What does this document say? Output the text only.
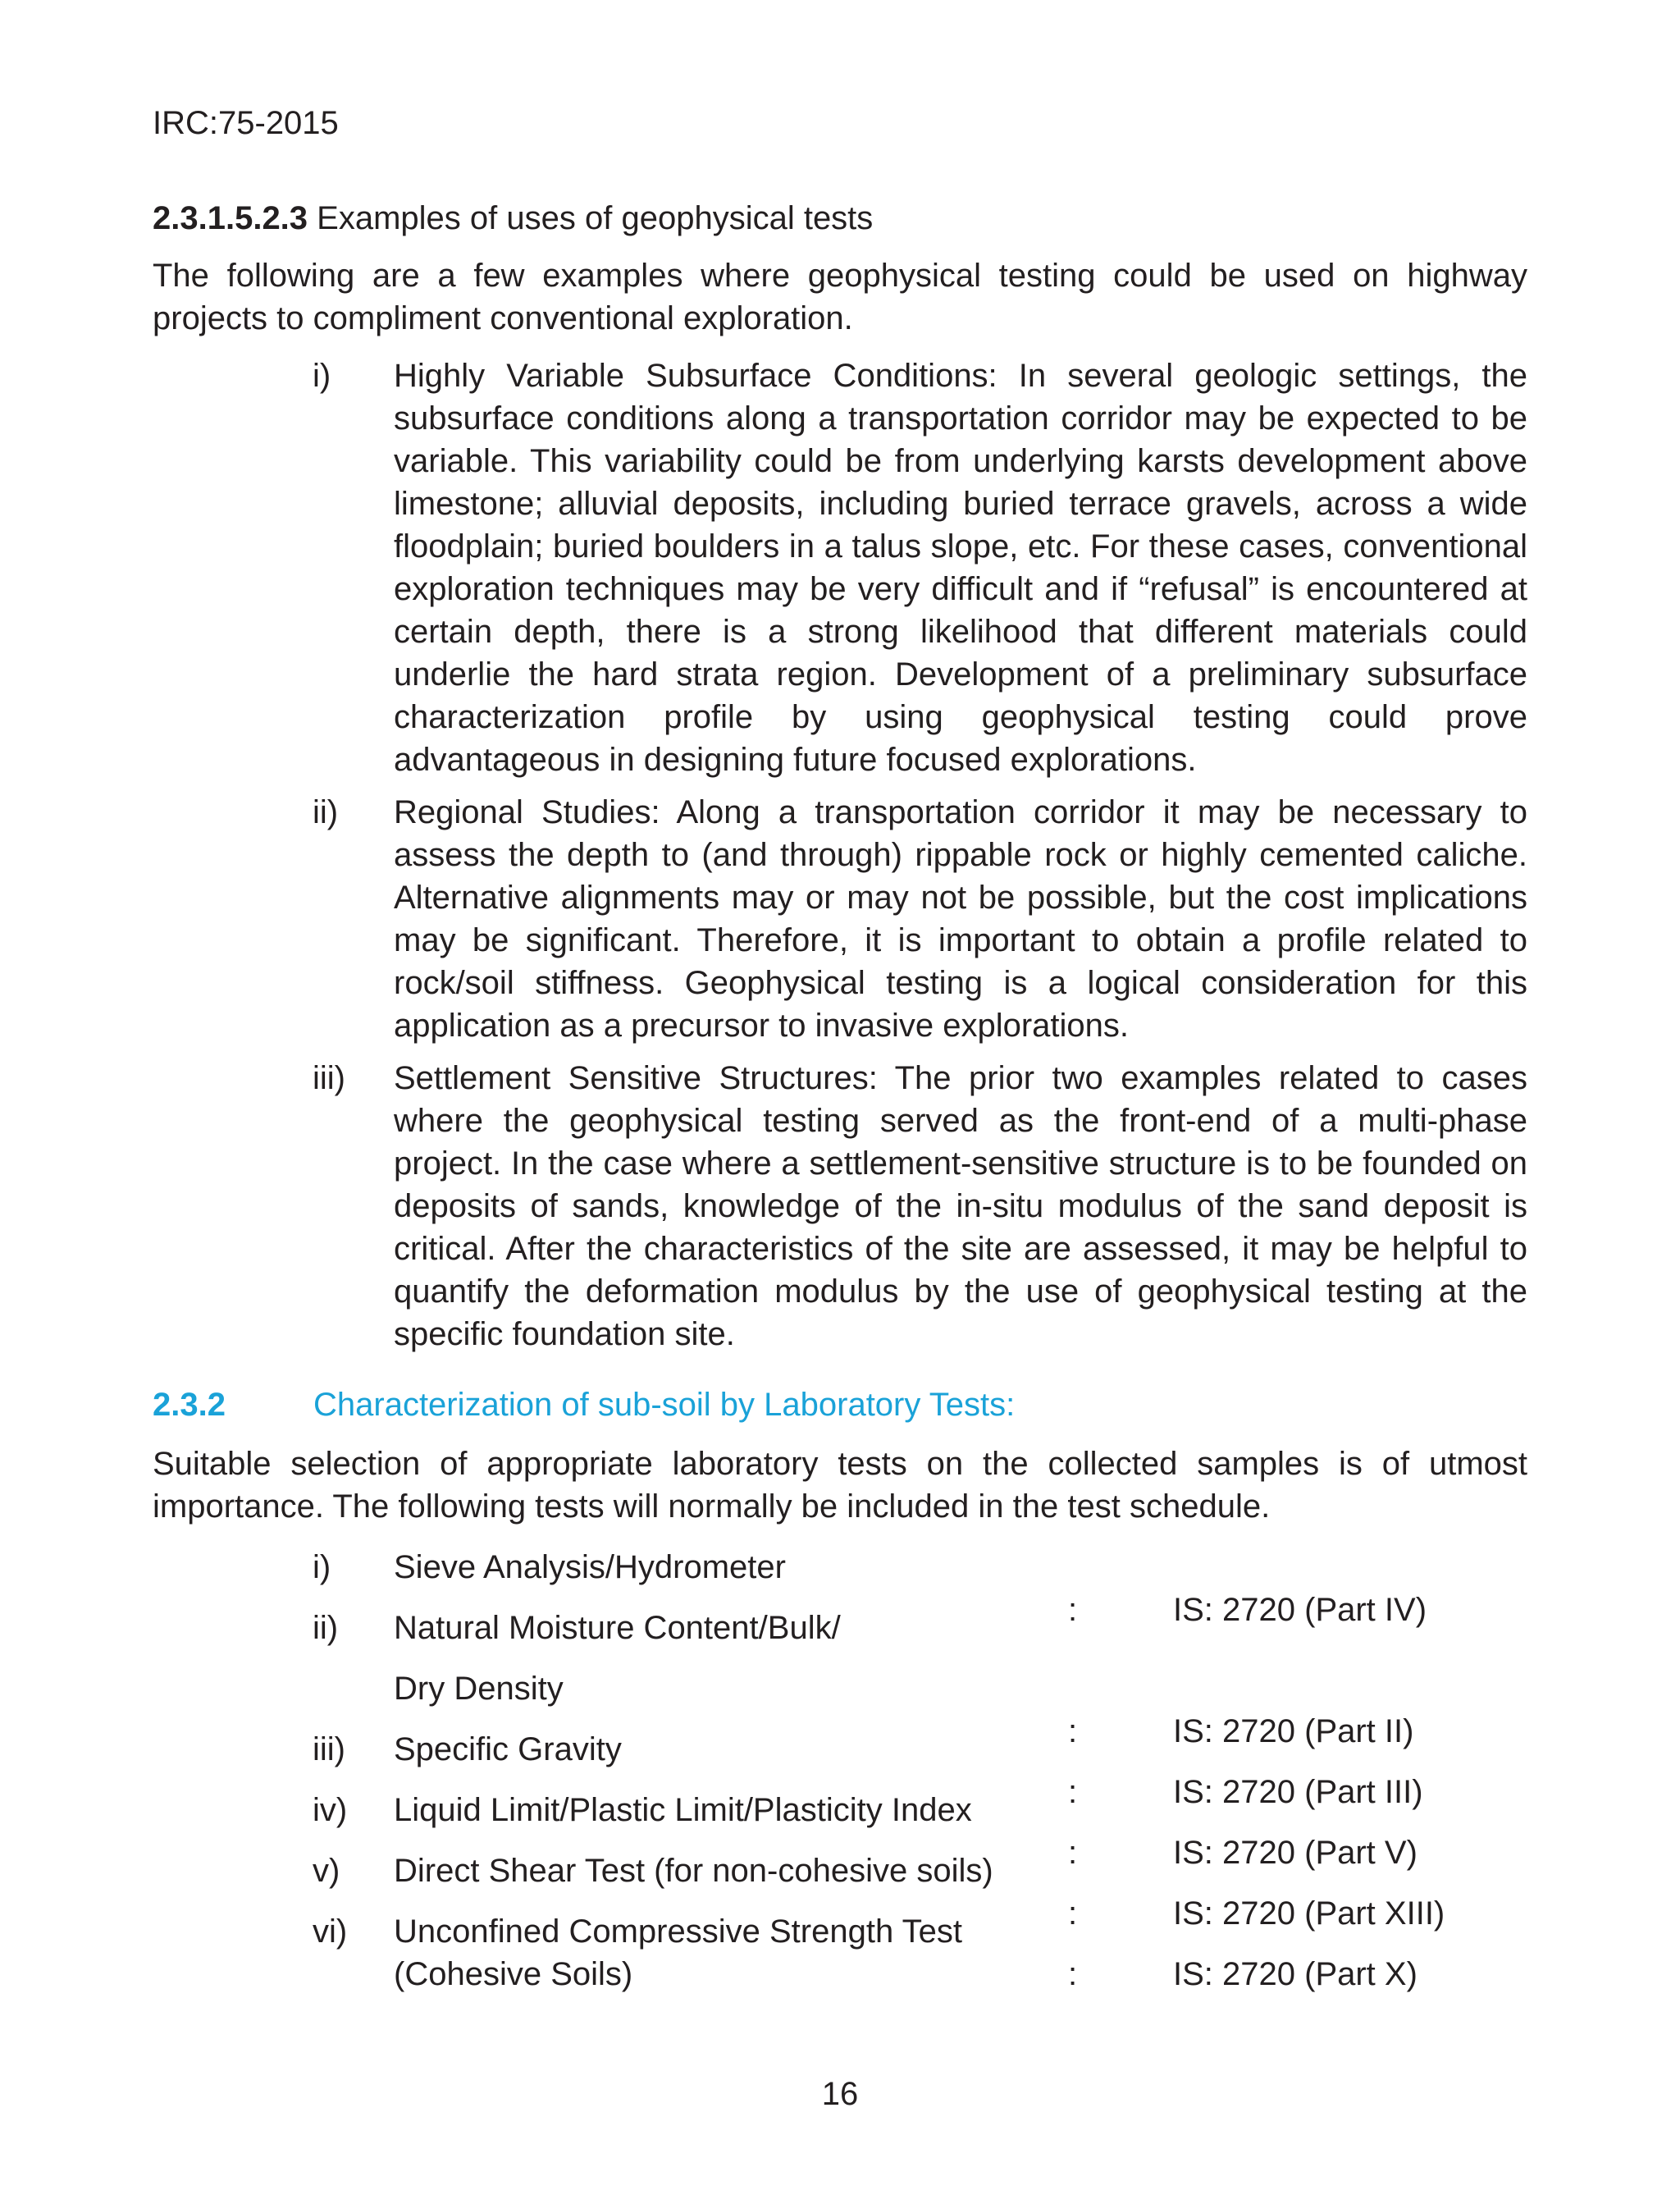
IRC:75-2015
2.3.1.5.2.3 Examples of uses of geophysical tests
The following are a few examples where geophysical testing could be used on highway projects to compliment conventional exploration.
i) Highly Variable Subsurface Conditions: In several geologic settings, the subsurface conditions along a transportation corridor may be expected to be variable. This variability could be from underlying karsts development above limestone; alluvial deposits, including buried terrace gravels, across a wide floodplain; buried boulders in a talus slope, etc. For these cases, conventional exploration techniques may be very difficult and if “refusal” is encountered at certain depth, there is a strong likelihood that different materials could underlie the hard strata region. Development of a preliminary subsurface characterization profile by using geophysical testing could prove advantageous in designing future focused explorations.
ii) Regional Studies: Along a transportation corridor it may be necessary to assess the depth to (and through) rippable rock or highly cemented caliche. Alternative alignments may or may not be possible, but the cost implications may be significant. Therefore, it is important to obtain a profile related to rock/soil stiffness. Geophysical testing is a logical consideration for this application as a precursor to invasive explorations.
iii) Settlement Sensitive Structures: The prior two examples related to cases where the geophysical testing served as the front-end of a multi-phase project. In the case where a settlement-sensitive structure is to be founded on deposits of sands, knowledge of the in-situ modulus of the sand deposit is critical. After the characteristics of the site are assessed, it may be helpful to quantify the deformation modulus by the use of geophysical testing at the specific foundation site.
2.3.2	Characterization of sub-soil by Laboratory Tests:
Suitable selection of appropriate laboratory tests on the collected samples is of utmost importance. The following tests will normally be included in the test schedule.
i) Sieve Analysis/Hydrometer
:	IS: 2720 (Part IV)
ii) Natural Moisture Content/Bulk/
Dry Density
:	IS: 2720 (Part II)
iii) Specific Gravity
:	IS: 2720 (Part III)
iv) Liquid Limit/Plastic Limit/Plasticity Index
:	IS: 2720 (Part V)
v) Direct Shear Test (for non-cohesive soils)
:	IS: 2720 (Part XIII)
vi) Unconfined Compressive Strength Test
(Cohesive Soils)	:	IS: 2720 (Part X)
16
